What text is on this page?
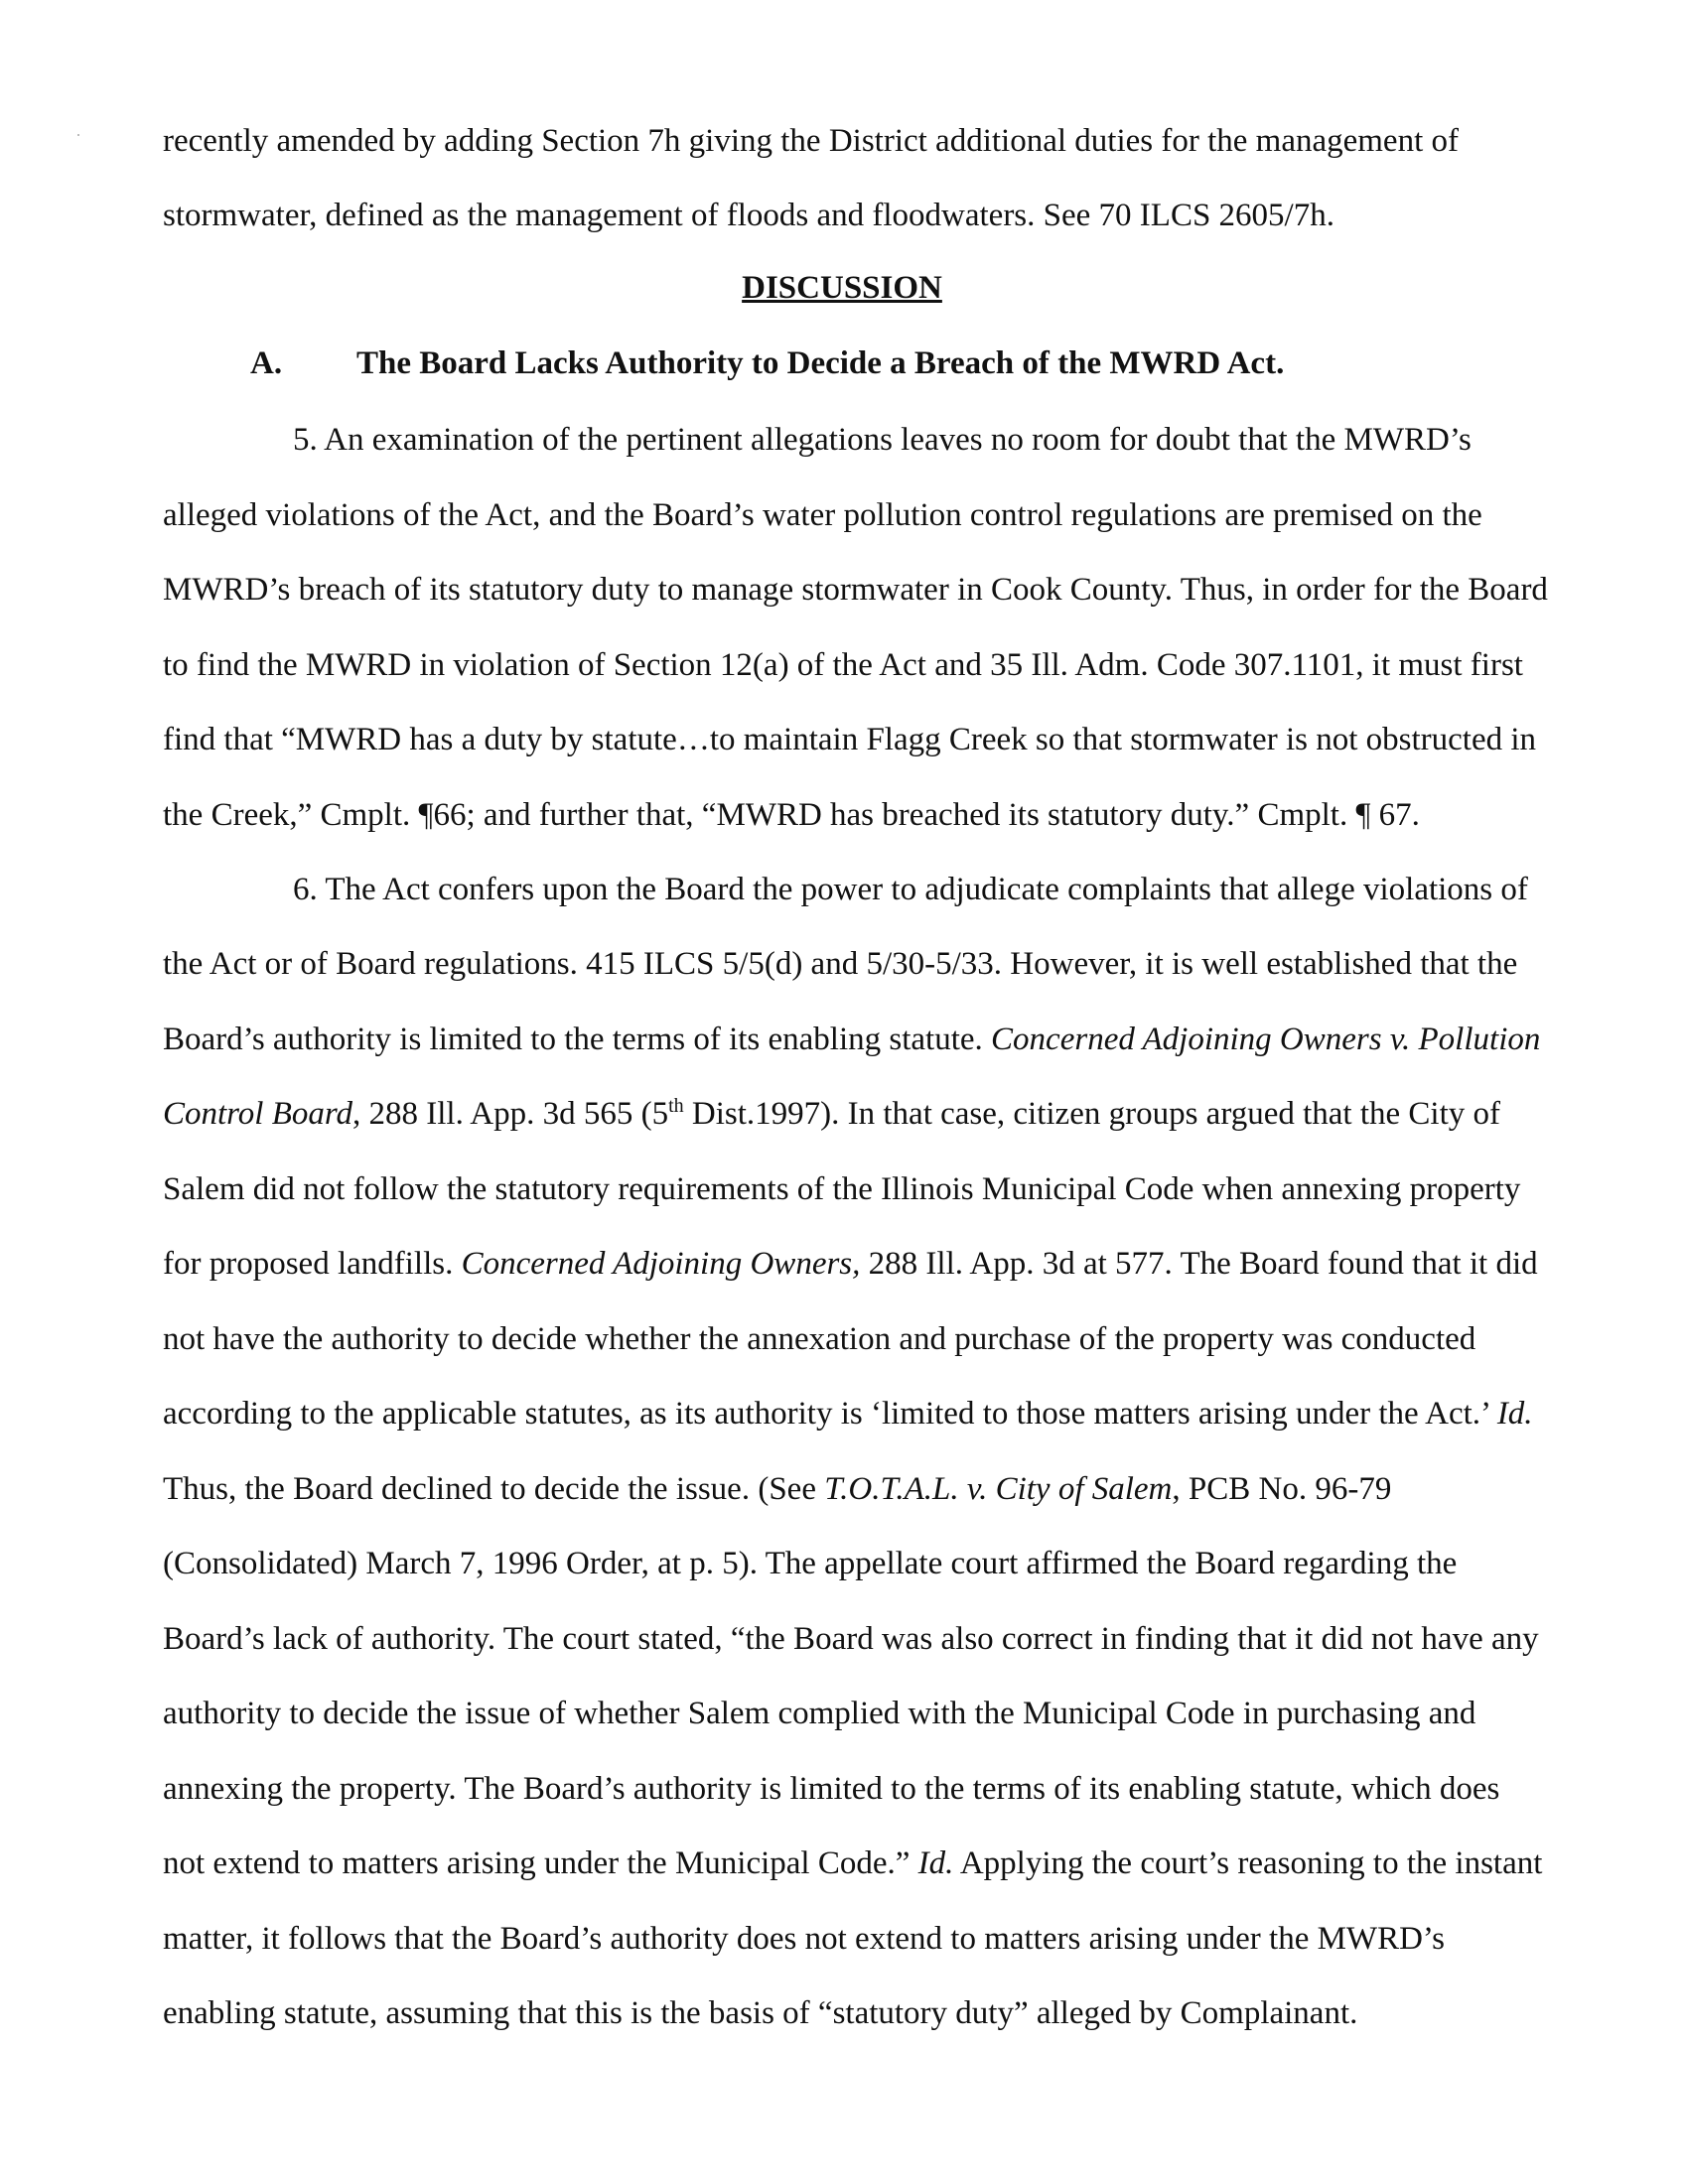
recently amended by adding Section 7h giving the District additional duties for the management of
stormwater, defined as the management of floods and floodwaters. See 70 ILCS 2605/7h.
DISCUSSION
A. The Board Lacks Authority to Decide a Breach of the MWRD Act.
5. An examination of the pertinent allegations leaves no room for doubt that the MWRD’s
alleged violations of the Act, and the Board’s water pollution control regulations are premised on the
MWRD’s breach of its statutory duty to manage stormwater in Cook County. Thus, in order for the Board
to find the MWRD in violation of Section 12(a) of the Act and 35 Ill. Adm. Code 307.1101, it must first
find that “MWRD has a duty by statute…to maintain Flagg Creek so that stormwater is not obstructed in
the Creek,” Cmplt. ¶66; and further that, “MWRD has breached its statutory duty.” Cmplt. ¶ 67.
6. The Act confers upon the Board the power to adjudicate complaints that allege violations of
the Act or of Board regulations. 415 ILCS 5/5(d) and 5/30-5/33. However, it is well established that the
Board’s authority is limited to the terms of its enabling statute. Concerned Adjoining Owners v. Pollution
Control Board, 288 Ill. App. 3d 565 (5th Dist.1997). In that case, citizen groups argued that the City of
Salem did not follow the statutory requirements of the Illinois Municipal Code when annexing property
for proposed landfills. Concerned Adjoining Owners, 288 Ill. App. 3d at 577. The Board found that it did
not have the authority to decide whether the annexation and purchase of the property was conducted
according to the applicable statutes, as its authority is ‘limited to those matters arising under the Act.’ Id.
Thus, the Board declined to decide the issue. (See T.O.T.A.L. v. City of Salem, PCB No. 96-79
(Consolidated) March 7, 1996 Order, at p. 5). The appellate court affirmed the Board regarding the
Board’s lack of authority. The court stated, “the Board was also correct in finding that it did not have any
authority to decide the issue of whether Salem complied with the Municipal Code in purchasing and
annexing the property. The Board’s authority is limited to the terms of its enabling statute, which does
not extend to matters arising under the Municipal Code.” Id. Applying the court’s reasoning to the instant
matter, it follows that the Board’s authority does not extend to matters arising under the MWRD’s
enabling statute, assuming that this is the basis of “statutory duty” alleged by Complainant.
